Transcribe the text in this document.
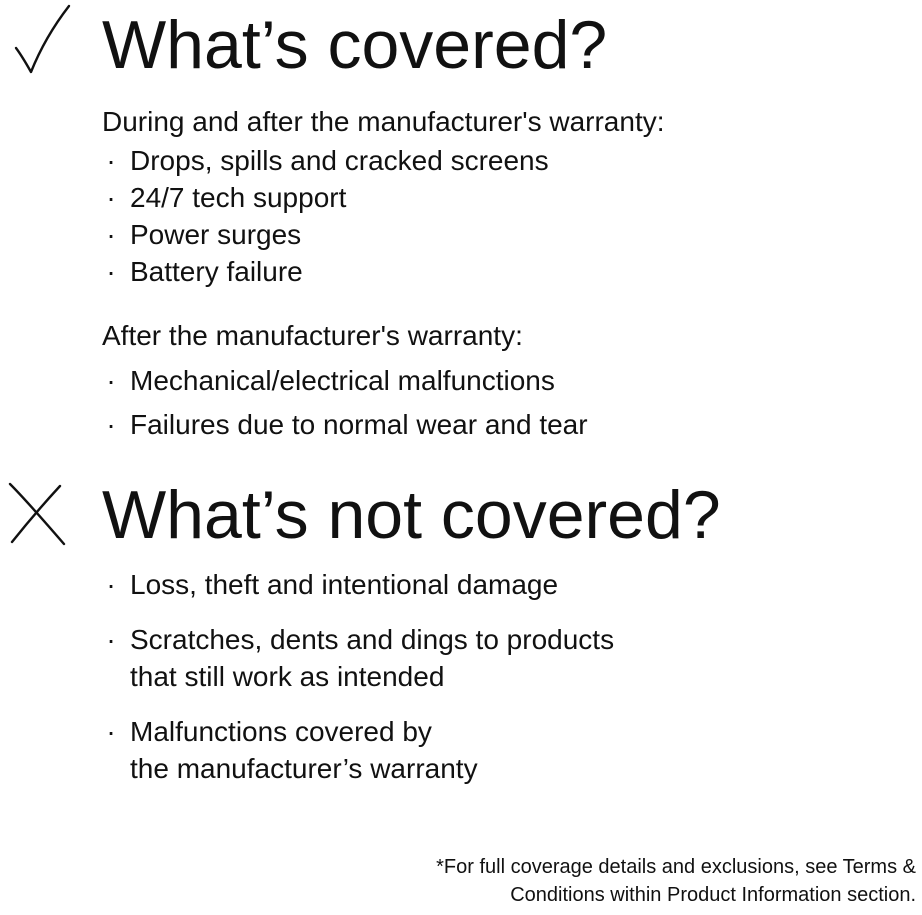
What’s covered?
During and after the manufacturer's warranty:
· Drops, spills and cracked screens
· 24/7 tech support
· Power surges
· Battery failure
After the manufacturer's warranty:
· Mechanical/electrical malfunctions
· Failures due to normal wear and tear
What’s not covered?
· Loss, theft and intentional damage
· Scratches, dents and dings to products
that still work as intended
· Malfunctions covered by
the manufacturer’s warranty
*For full coverage details and exclusions, see Terms &
Conditions within Product Information section.
